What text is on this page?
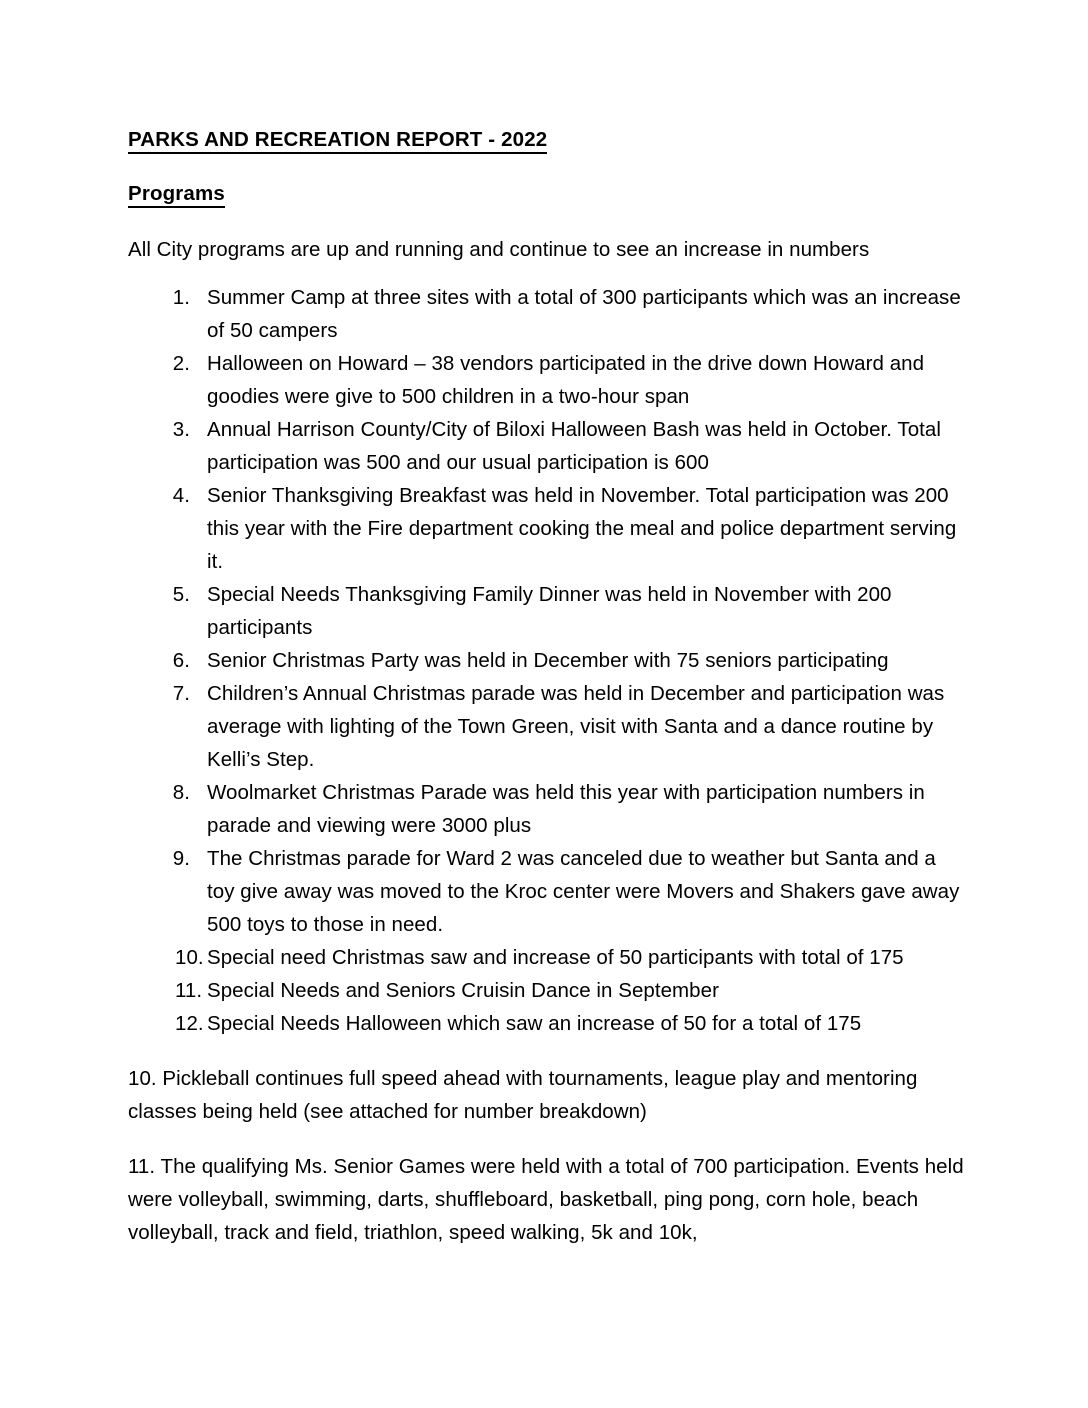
PARKS AND RECREATION REPORT - 2022
Programs

All City programs are up and running and continue to see an increase in numbers

1. Summer Camp at three sites with a total of 300 participants which was an increase of 50 campers
2. Halloween on Howard – 38 vendors participated in the drive down Howard and goodies were give to 500 children in a two-hour span
3. Annual Harrison County/City of Biloxi Halloween Bash was held in October. Total participation was 500 and our usual participation is 600
4. Senior Thanksgiving Breakfast was held in November. Total participation was 200 this year with the Fire department cooking the meal and police department serving it.
5. Special Needs Thanksgiving Family Dinner was held in November with 200 participants
6. Senior Christmas Party was held in December with 75 seniors participating
7. Children’s Annual Christmas parade was held in December and participation was average with lighting of the Town Green, visit with Santa and a dance routine by Kelli’s Step.
8. Woolmarket Christmas Parade was held this year with participation numbers in parade and viewing were 3000 plus
9. The Christmas parade for Ward 2 was canceled due to weather but Santa and a toy give away was moved to the Kroc center were Movers and Shakers gave away 500 toys to those in need.
10. Special need Christmas saw and increase of 50 participants with total of 175
11. Special Needs and Seniors Cruisin Dance in September
12. Special Needs Halloween which saw an increase of 50 for a total of 175

10. Pickleball continues full speed ahead with tournaments, league play and mentoring classes being held (see attached for number breakdown)

11. The qualifying Ms. Senior Games were held with a total of 700 participation. Events held were volleyball, swimming, darts, shuffleboard, basketball, ping pong, corn hole, beach volleyball, track and field, triathlon, speed walking, 5k and 10k,
